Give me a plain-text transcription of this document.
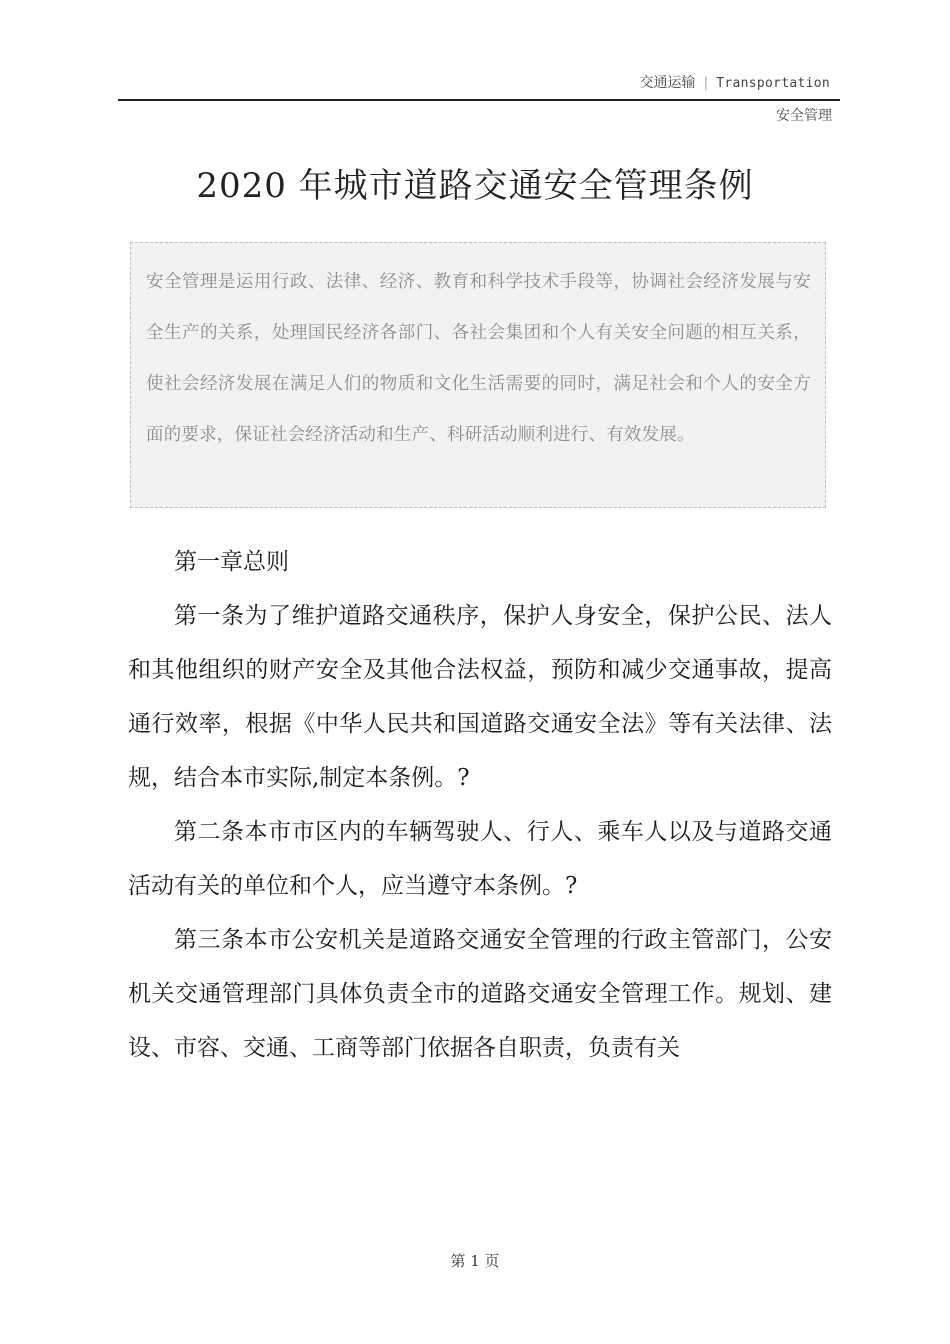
交通运输 | Transportation
安全管理
2020 年城市道路交通安全管理条例

安全管理是运用行政、法律、经济、教育和科学技术手段等，协调社会经济发展与安全生产的关系，处理国民经济各部门、各社会集团和个人有关安全问题的相互关系，使社会经济发展在满足人们的物质和文化生活需要的同时，满足社会和个人的安全方面的要求，保证社会经济活动和生产、科研活动顺利进行、有效发展。

第一章总则

第一条为了维护道路交通秩序，保护人身安全，保护公民、法人和其他组织的财产安全及其他合法权益，预防和减少交通事故，提高通行效率，根据《中华人民共和国道路交通安全法》等有关法律、法规，结合本市实际,制定本条例。?

第二条本市市区内的车辆驾驶人、行人、乘车人以及与道路交通活动有关的单位和个人，应当遵守本条例。?

第三条本市公安机关是道路交通安全管理的行政主管部门，公安机关交通管理部门具体负责全市的道路交通安全管理工作。规划、建设、市容、交通、工商等部门依据各自职责，负责有关

第 1 页
